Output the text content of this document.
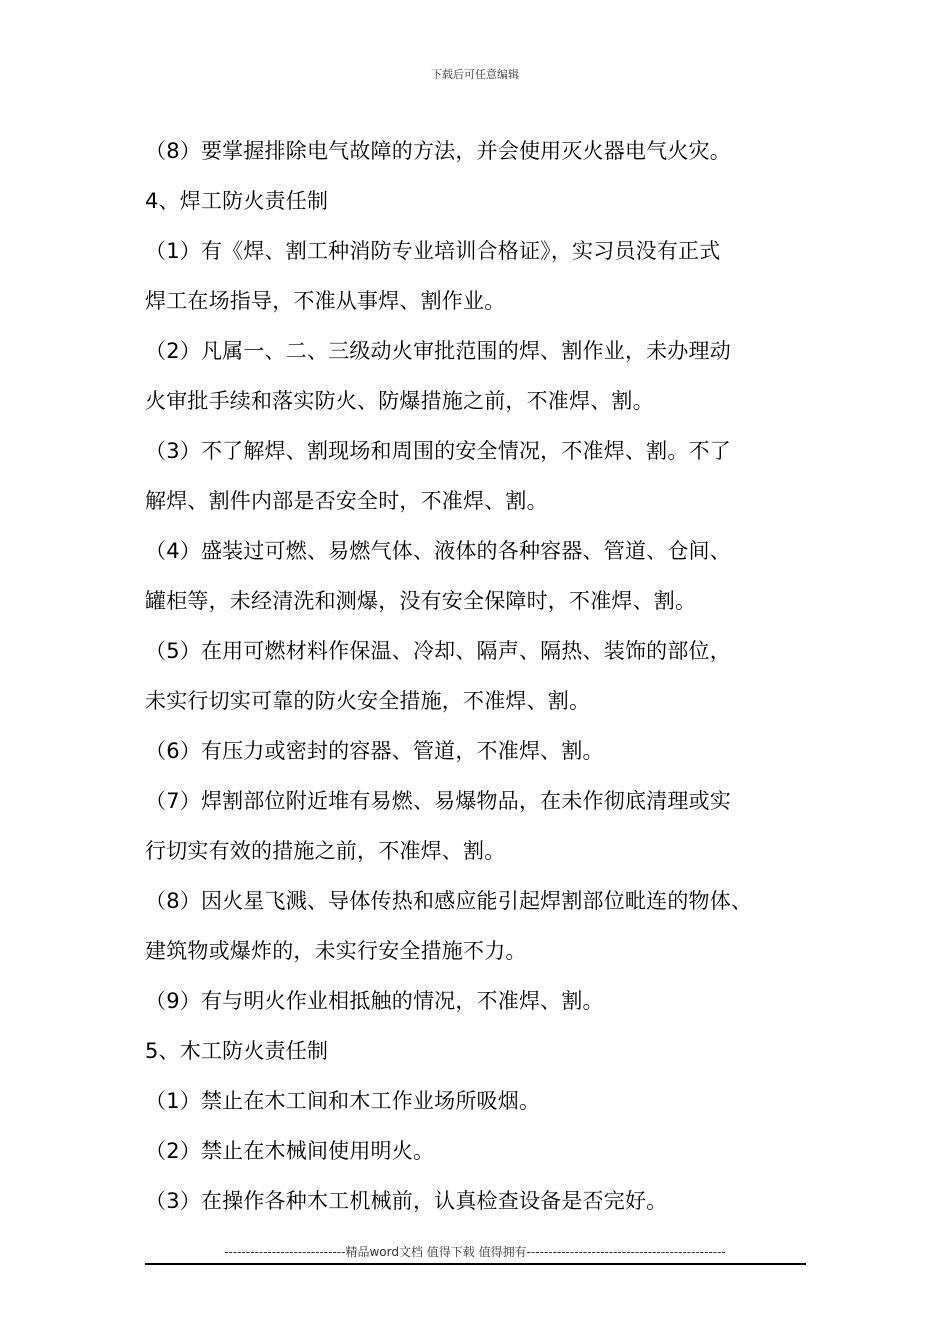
下载后可任意编辑
（8）要掌握排除电气故障的方法，并会使用灭火器电气火灾。
4、焊工防火责任制
（1）有《焊、割工种消防专业培训合格证》，实习员没有正式
焊工在场指导，不准从事焊、割作业。
（2）凡属一、二、三级动火审批范围的焊、割作业，未办理动
火审批手续和落实防火、防爆措施之前，不准焊、割。
（3）不了解焊、割现场和周围的安全情况，不准焊、割。不了
解焊、割件内部是否安全时，不准焊、割。
（4）盛装过可燃、易燃气体、液体的各种容器、管道、仓间、
罐柜等，未经清洗和测爆，没有安全保障时，不准焊、割。
（5）在用可燃材料作保温、冷却、隔声、隔热、装饰的部位，
未实行切实可靠的防火安全措施，不准焊、割。
（6）有压力或密封的容器、管道，不准焊、割。
（7）焊割部位附近堆有易燃、易爆物品，在未作彻底清理或实
行切实有效的措施之前，不准焊、割。
（8）因火星飞溅、导体传热和感应能引起焊割部位毗连的物体、
建筑物或爆炸的，未实行安全措施不力。
（9）有与明火作业相抵触的情况，不准焊、割。
5、木工防火责任制
（1）禁止在木工间和木工作业场所吸烟。
（2）禁止在木械间使用明火。
（3）在操作各种木工机械前，认真检查设备是否完好。
----------------------------精品word文档 值得下载 值得拥有----------------------------------------------
